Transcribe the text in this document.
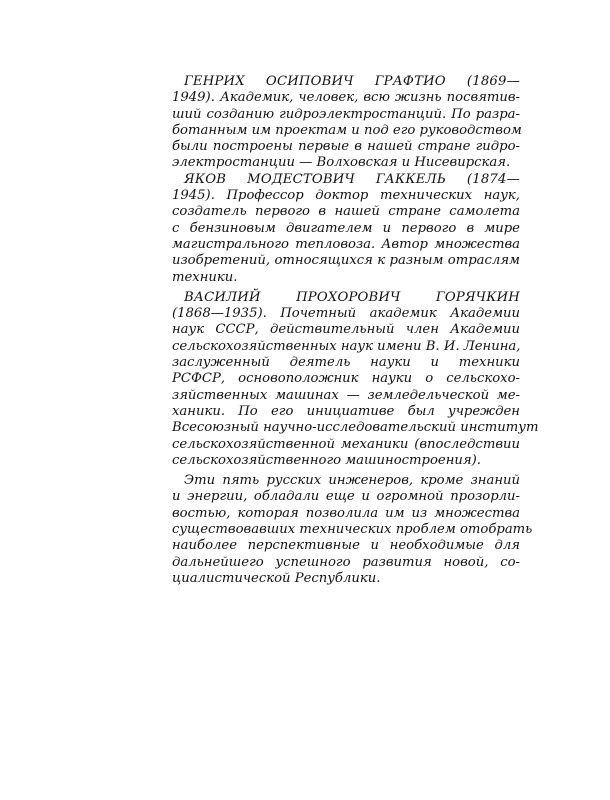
ГЕНРИХ ОСИПОВИЧ ГРАФТИО (1869—
1949). Академик, человек, всю жизнь посвятив-
ший созданию гидроэлектростанций. По разра-
ботанным им проектам и под его руководством
были построены первые в нашей стране гидро-
электростанции — Волховская и Нисевирская.
ЯКОВ МОДЕСТОВИЧ ГАККЕЛЬ (1874—
1945). Профессор доктор технических наук,
создатель первого в нашей стране самолета
с бензиновым двигателем и первого в мире
магистрального тепловоза. Автор множества
изобретений, относящихся к разным отраслям
техники.
ВАСИЛИЙ ПРОХОРОВИЧ ГОРЯЧКИН
(1868—1935). Почетный академик Академии
наук СССР, действительный член Академии
сельскохозяйственных наук имени В. И. Ленина,
заслуженный деятель науки и техники
РСФСР, основоположник науки о сельскохо-
зяйственных машинах — земледельческой ме-
ханики. По его инициативе был учрежден
Всесоюзный научно-исследовательский институт
сельскохозяйственной механики (впоследствии
сельскохозяйственного машиностроения).
Эти пять русских инженеров, кроме знаний
и энергии, обладали еще и огромной прозорли-
востью, которая позволила им из множества
существовавших технических проблем отобрать
наиболее перспективные и необходимые для
дальнейшего успешного развития новой, со-
циалистической Республики.
